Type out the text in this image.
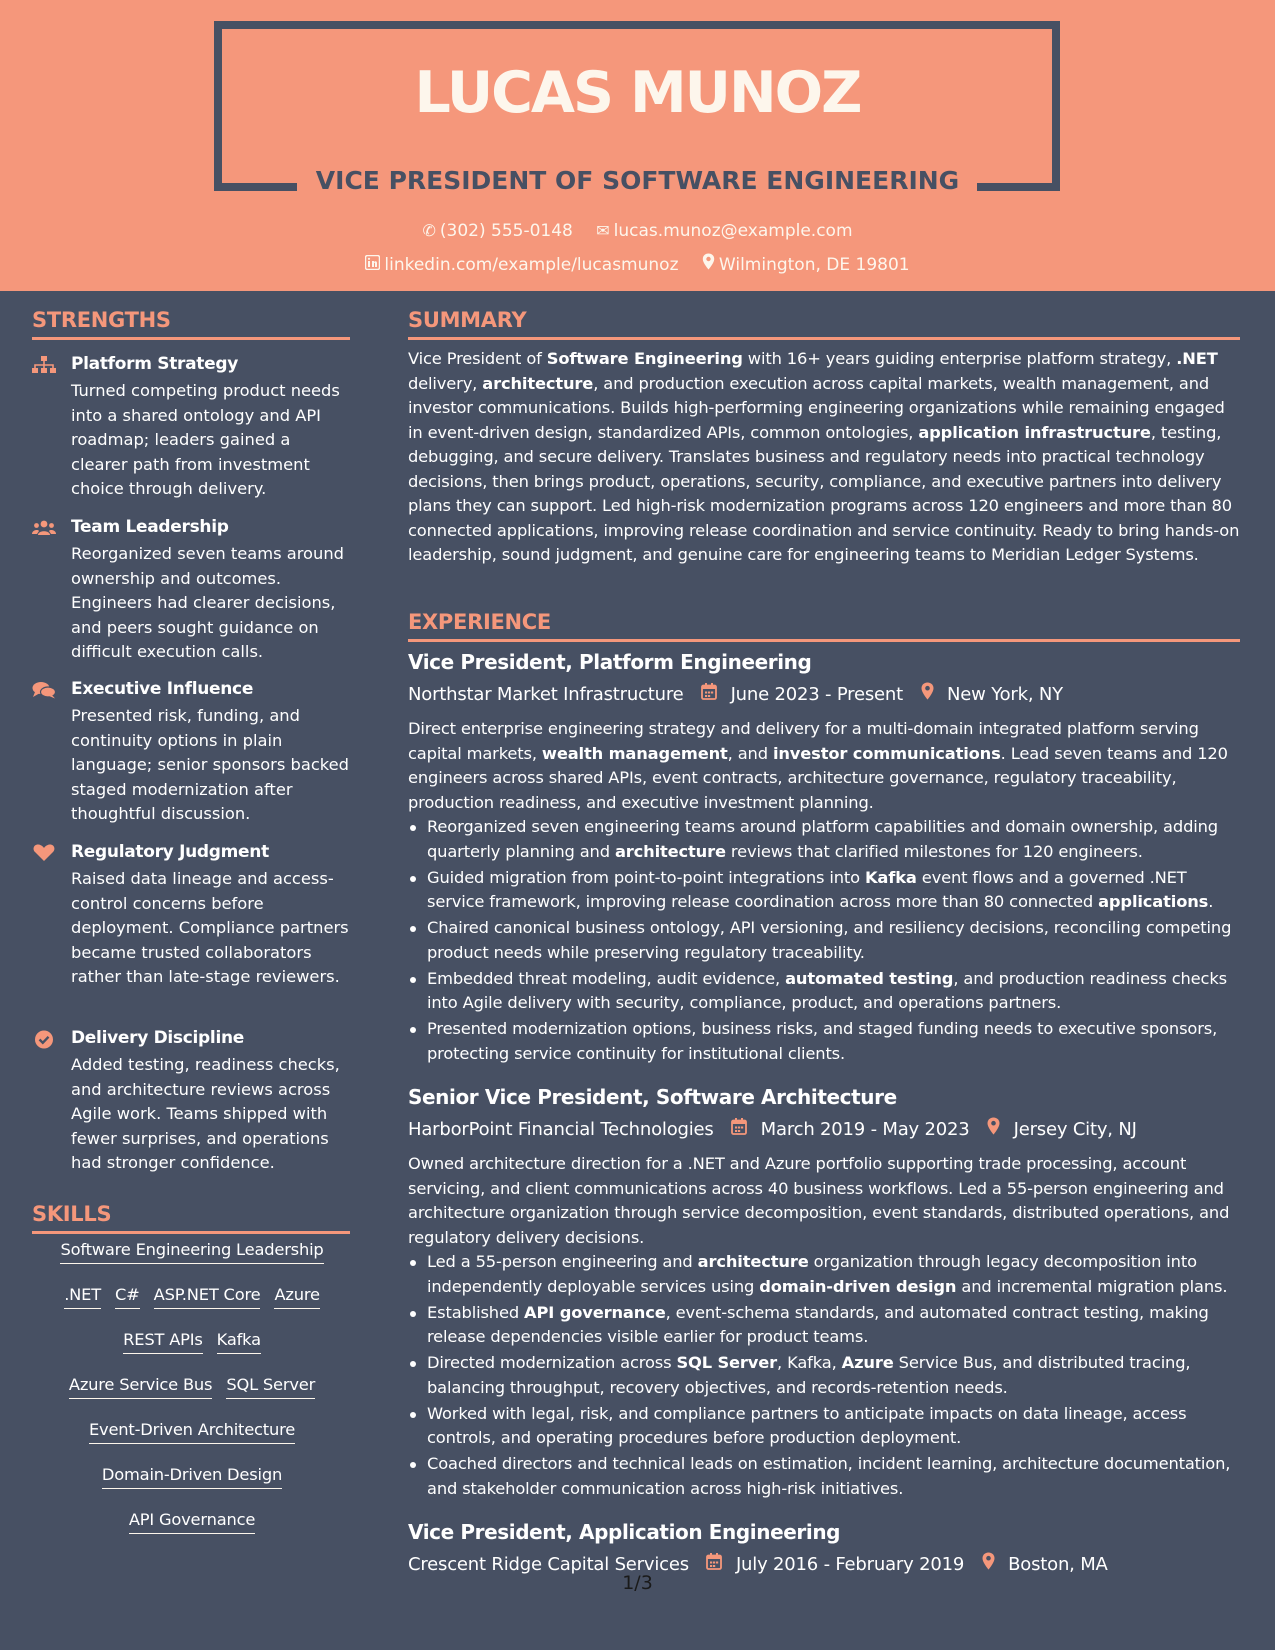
LUCAS MUNOZ
VICE PRESIDENT OF SOFTWARE ENGINEERING
✆ (302) 555-0148 ✉ lucas.munoz@example.com
linkedin.com/example/lucasmunoz Wilmington, DE 19801
STRENGTHS
Platform Strategy
Turned competing product needs into a shared ontology and API roadmap; leaders gained a clearer path from investment choice through delivery.
Team Leadership
Reorganized seven teams around ownership and outcomes. Engineers had clearer decisions, and peers sought guidance on difficult execution calls.
Executive Influence
Presented risk, funding, and continuity options in plain language; senior sponsors backed staged modernization after thoughtful discussion.
Regulatory Judgment
Raised data lineage and access-control concerns before deployment. Compliance partners became trusted collaborators rather than late-stage reviewers.
Delivery Discipline
Added testing, readiness checks, and architecture reviews across Agile work. Teams shipped with fewer surprises, and operations had stronger confidence.
SKILLS
Software Engineering Leadership
.NET C# ASP.NET Core Azure
REST APIs Kafka
Azure Service Bus SQL Server
Event-Driven Architecture
Domain-Driven Design
API Governance
SUMMARY
Vice President of Software Engineering with 16+ years guiding enterprise platform strategy, .NET delivery, architecture, and production execution across capital markets, wealth management, and investor communications. Builds high-performing engineering organizations while remaining engaged in event-driven design, standardized APIs, common ontologies, application infrastructure, testing, debugging, and secure delivery. Translates business and regulatory needs into practical technology decisions, then brings product, operations, security, compliance, and executive partners into delivery plans they can support. Led high-risk modernization programs across 120 engineers and more than 80 connected applications, improving release coordination and service continuity. Ready to bring hands-on leadership, sound judgment, and genuine care for engineering teams to Meridian Ledger Systems.
EXPERIENCE
Vice President, Platform Engineering
Northstar Market Infrastructure	June 2023 - Present New York, NY
Direct enterprise engineering strategy and delivery for a multi-domain integrated platform serving capital markets, wealth management, and investor communications. Lead seven teams and 120 engineers across shared APIs, event contracts, architecture governance, regulatory traceability, production readiness, and executive investment planning.
Reorganized seven engineering teams around platform capabilities and domain ownership, adding quarterly planning and architecture reviews that clarified milestones for 120 engineers.
Guided migration from point-to-point integrations into Kafka event flows and a governed .NET service framework, improving release coordination across more than 80 connected applications.
Chaired canonical business ontology, API versioning, and resiliency decisions, reconciling competing product needs while preserving regulatory traceability.
Embedded threat modeling, audit evidence, automated testing, and production readiness checks into Agile delivery with security, compliance, product, and operations partners.
Presented modernization options, business risks, and staged funding needs to executive sponsors, protecting service continuity for institutional clients.
Senior Vice President, Software Architecture
HarborPoint Financial Technologies	March 2019 - May 2023 Jersey City, NJ
Owned architecture direction for a .NET and Azure portfolio supporting trade processing, account servicing, and client communications across 40 business workflows. Led a 55-person engineering and architecture organization through service decomposition, event standards, distributed operations, and regulatory delivery decisions.
Led a 55-person engineering and architecture organization through legacy decomposition into independently deployable services using domain-driven design and incremental migration plans.
Established API governance, event-schema standards, and automated contract testing, making release dependencies visible earlier for product teams.
Directed modernization across SQL Server, Kafka, Azure Service Bus, and distributed tracing, balancing throughput, recovery objectives, and records-retention needs.
Worked with legal, risk, and compliance partners to anticipate impacts on data lineage, access controls, and operating procedures before production deployment.
Coached directors and technical leads on estimation, incident learning, architecture documentation, and stakeholder communication across high-risk initiatives.
Vice President, Application Engineering
Crescent Ridge Capital Services	July 2016 - February 2019 Boston, MA
1/3
